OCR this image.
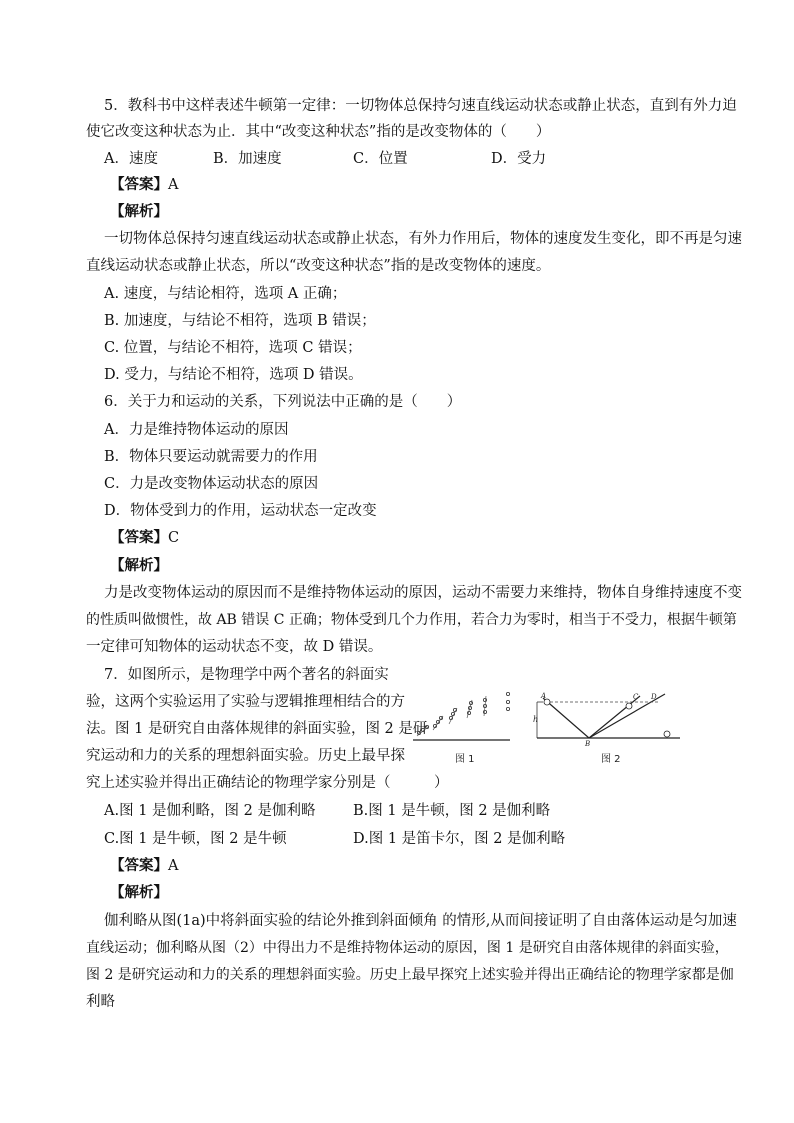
5．教科书中这样表述牛顿第一定律：一切物体总保持匀速直线运动状态或静止状态，直到有外力迫
使它改变这种状态为止．其中“改变这种状态”指的是改变物体的（　　）
A．速度	B．加速度	C．位置	D．受力
【答案】A
【解析】
一切物体总保持匀速直线运动状态或静止状态，有外力作用后，物体的速度发生变化，即不再是匀速
直线运动状态或静止状态，所以“改变这种状态”指的是改变物体的速度。
A. 速度，与结论相符，选项 A 正确；
B. 加速度，与结论不相符，选项 B 错误；
C. 位置，与结论不相符，选项 C 错误；
D. 受力，与结论不相符，选项 D 错误。
6．关于力和运动的关系，下列说法中正确的是（　　）
A．力是维持物体运动的原因
B．物体只要运动就需要力的作用
C．力是改变物体运动状态的原因
D．物体受到力的作用，运动状态一定改变
【答案】C
【解析】
力是改变物体运动的原因而不是维持物体运动的原因，运动不需要力来维持，物体自身维持速度不变
的性质叫做惯性，故 AB 错误 C 正确；物体受到几个力作用，若合力为零时，相当于不受力，根据牛顿第
一定律可知物体的运动状态不变，故 D 错误。
7．如图所示，是物理学中两个著名的斜面实
验，这两个实验运用了实验与逻辑推理相结合的方
法。图 1 是研究自由落体规律的斜面实验，图 2 是研
究运动和力的关系的理想斜面实验。历史上最早探
究上述实验并得出正确结论的物理学家分别是（　　　）
图 1
h
A
B
C D
图 2
A.图 1 是伽利略，图 2 是伽利略	B.图 1 是牛顿，图 2 是伽利略
C.图 1 是牛顿，图 2 是牛顿	D.图 1 是笛卡尔，图 2 是伽利略
【答案】A
【解析】
伽利略从图(1a)中将斜面实验的结论外推到斜面倾角 的情形,从而间接证明了自由落体运动是匀加速
直线运动；伽利略从图（2）中得出力不是维持物体运动的原因，图 1 是研究自由落体规律的斜面实验，
图 2 是研究运动和力的关系的理想斜面实验。历史上最早探究上述实验并得出正确结论的物理学家都是伽
利略
